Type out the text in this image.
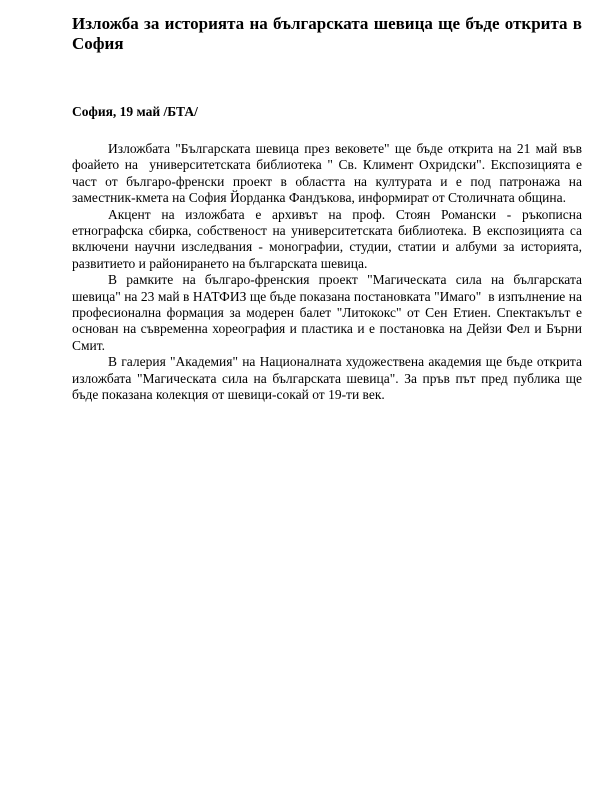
Изложба за историята на българската шевица ще бъде открита в София

София, 19 май /БТА/

Изложбата "Българската шевица през вековете" ще бъде открита на 21 май във фоайето на  университетската библиотека " Св. Климент Охридски". Експозицията е част от българо-френски проект в областта на културата и е под патронажа на заместник-кмета на София Йорданка Фандъкова, информират от Столичната община.

Акцент на изложбата е архивът на проф. Стоян Романски - ръкописна етнографска сбирка, собственост на университетската библиотека. В експозицията са включени научни изследвания - монографии, студии, статии и албуми за историята, развитието и районирането на българската шевица.

В рамките на българо-френския проект "Магическата сила на българската шевица" на 23 май в НАТФИЗ ще бъде показана постановката "Имаго"  в изпълнение на професионална формация за модерен балет "Литококс" от Сен Етиен. Спектакълът е основан на съвременна хореография и пластика и е постановка на Дейзи Фел и Бърни Смит.

В галерия "Академия" на Националната художествена академия ще бъде открита  изложбата "Магическата сила на българската шевица". За пръв път пред публика ще бъде показана колекция от шевици-сокай от 19-ти век.
